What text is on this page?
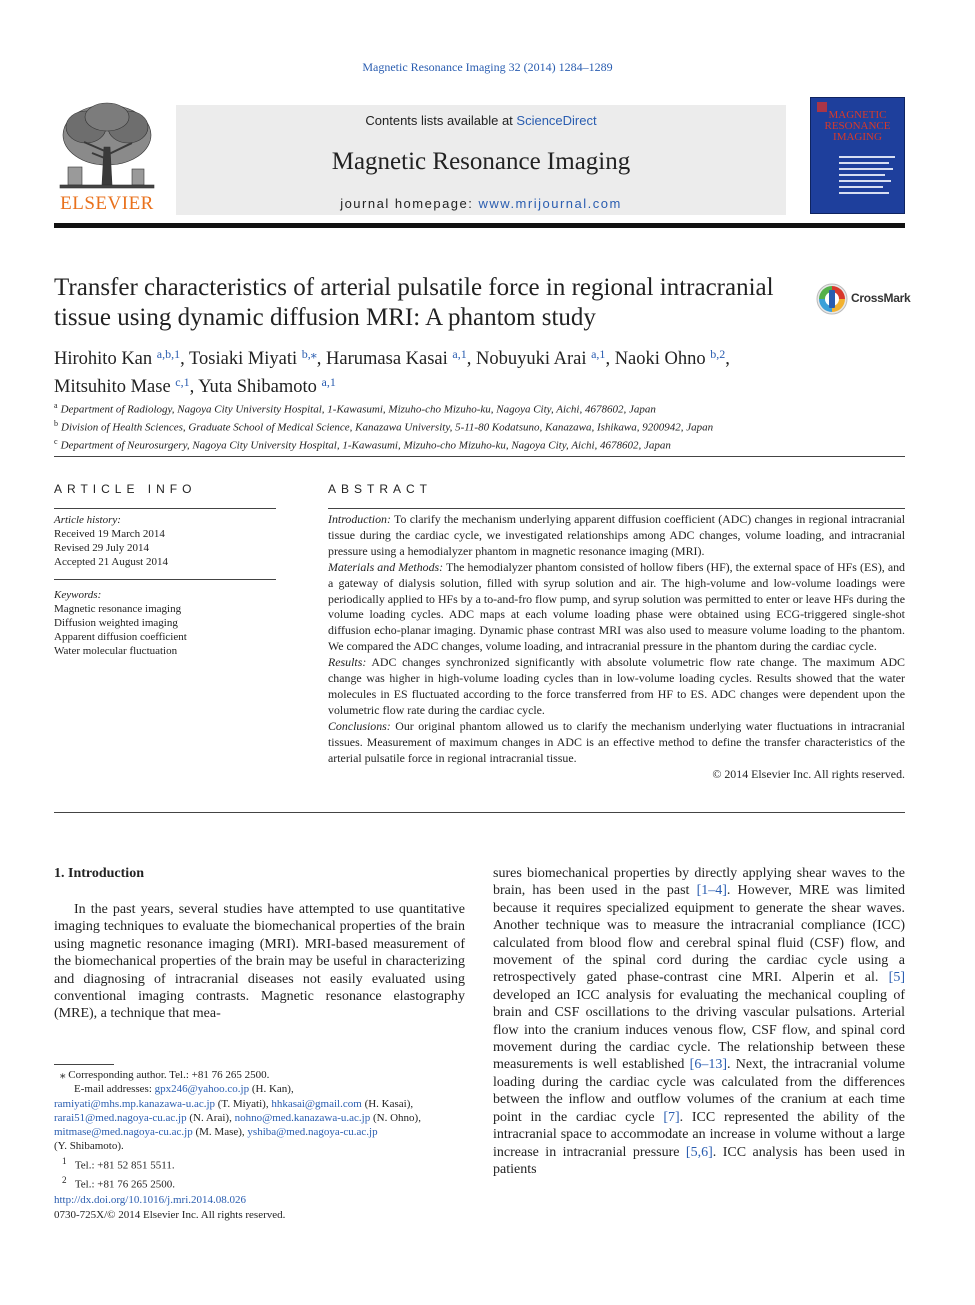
Magnetic Resonance Imaging 32 (2014) 1284–1289
ELSEVIER
Contents lists available at ScienceDirect
Magnetic Resonance Imaging
journal homepage: www.mrijournal.com
MAGNETIC RESONANCE IMAGING
Transfer characteristics of arterial pulsatile force in regional intracranial tissue using dynamic diffusion MRI: A phantom study
CrossMark
Hirohito Kan $^{a,b,1}$, Tosiaki Miyati $^{b,⁎}$, Harumasa Kasai $^{a,1}$, Nobuyuki Arai $^{a,1}$, Naoki Ohno $^{b,2}$,
Mitsuhito Mase $^{c,1}$, Yuta Shibamoto $^{a,1}$
$^a$ Department of Radiology, Nagoya City University Hospital, 1-Kawasumi, Mizuho-cho Mizuho-ku, Nagoya City, Aichi, 4678602, Japan
$^b$ Division of Health Sciences, Graduate School of Medical Science, Kanazawa University, 5-11-80 Kodatsuno, Kanazawa, Ishikawa, 9200942, Japan
$^c$ Department of Neurosurgery, Nagoya City University Hospital, 1-Kawasumi, Mizuho-cho Mizuho-ku, Nagoya City, Aichi, 4678602, Japan
ARTICLE INFO
Article history:
Received 19 March 2014
Revised 29 July 2014
Accepted 21 August 2014
Keywords:
Magnetic resonance imaging
Diffusion weighted imaging
Apparent diffusion coefficient
Water molecular fluctuation
ABSTRACT

Introduction: To clarify the mechanism underlying apparent diffusion coefficient (ADC) changes in regional intracranial tissue during the cardiac cycle, we investigated relationships among ADC changes, volume loading, and intracranial pressure using a hemodialyzer phantom in magnetic resonance imaging (MRI).

Materials and Methods: The hemodialyzer phantom consisted of hollow fibers (HF), the external space of HFs (ES), and a gateway of dialysis solution, filled with syrup solution and air. The high-volume and low-volume loadings were periodically applied to HFs by a to-and-fro flow pump, and syrup solution was permitted to enter or leave HFs during the volume loading cycles. ADC maps at each volume loading phase were obtained using ECG-triggered single-shot diffusion echo-planar imaging. Dynamic phase contrast MRI was also used to measure volume loading to the phantom. We compared the ADC changes, volume loading, and intracranial pressure in the phantom during the cardiac cycle.

Results: ADC changes synchronized significantly with absolute volumetric flow rate change. The maximum ADC change was higher in high-volume loading cycles than in low-volume loading cycles. Results showed that the water molecules in ES fluctuated according to the force transferred from HF to ES. ADC changes were dependent upon the volumetric flow rate during the cardiac cycle.

Conclusions: Our original phantom allowed us to clarify the mechanism underlying water fluctuations in intracranial tissues. Measurement of maximum changes in ADC is an effective method to define the transfer characteristics of the arterial pulsatile force in regional intracranial tissue.

© 2014 Elsevier Inc. All rights reserved.

1. Introduction
In the past years, several studies have attempted to use quantitative imaging techniques to evaluate the biomechanical properties of the brain using magnetic resonance imaging (MRI). MRI-based measurement of the biomechanical properties of the brain may be useful in characterizing and diagnosing of intracranial diseases not easily evaluated using conventional imaging contrasts. Magnetic resonance elastography (MRE), a technique that mea-
sures biomechanical properties by directly applying shear waves to the brain, has been used in the past [1–4]. However, MRE was limited because it requires specialized equipment to generate the shear waves. Another technique was to measure the intracranial compliance (ICC) calculated from blood flow and cerebral spinal fluid (CSF) flow, and movement of the spinal cord during the cardiac cycle using a retrospectively gated phase-contrast cine MRI. Alperin et al. [5] developed an ICC analysis for evaluating the mechanical coupling of brain and CSF oscillations to the driving vascular pulsations. Arterial flow into the cranium induces venous flow, CSF flow, and spinal cord movement during the cardiac cycle. The relationship between these measurements is well established [6–13]. Next, the intracranial volume loading during the cardiac cycle was calculated from the differences between the inflow and outflow volumes of the cranium at each time point in the cardiac cycle [7]. ICC represented the ability of the intracranial space to accommodate an increase in volume without a large increase in intracranial pressure [5,6]. ICC analysis has been used in patients
⁎ Corresponding author. Tel.: +81 76 265 2500.
E-mail addresses: gpx246@yahoo.co.jp (H. Kan),
ramiyati@mhs.mp.kanazawa-u.ac.jp (T. Miyati), hhkasai@gmail.com (H. Kasai),
rarai51@med.nagoya-cu.ac.jp (N. Arai), nohno@med.kanazawa-u.ac.jp (N. Ohno),
mitmase@med.nagoya-cu.ac.jp (M. Mase), yshiba@med.nagoya-cu.ac.jp
(Y. Shibamoto).
$^1$ Tel.: +81 52 851 5511.
$^2$ Tel.: +81 76 265 2500.
http://dx.doi.org/10.1016/j.mri.2014.08.026
0730-725X/© 2014 Elsevier Inc. All rights reserved.
